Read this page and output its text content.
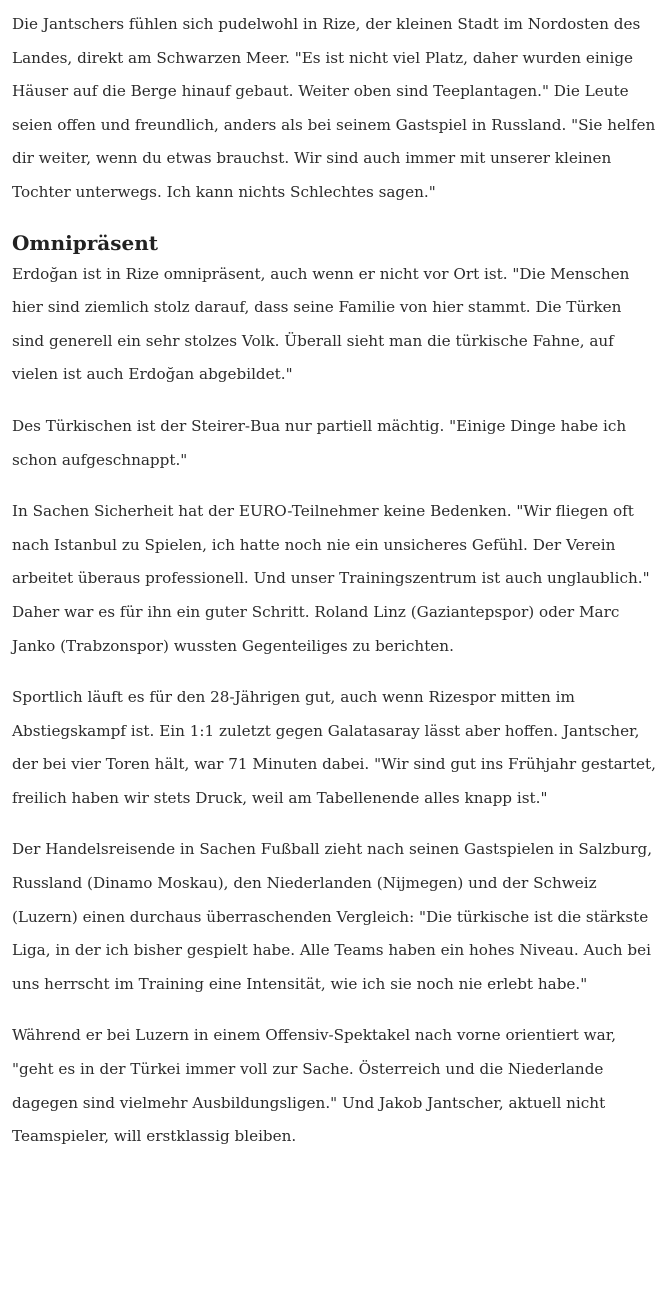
Die Jantschers fühlen sich pudelwohl in Rize, der kleinen Stadt im Nordosten des Landes, direkt am Schwarzen Meer. "Es ist nicht viel Platz, daher wurden einige Häuser auf die Berge hinauf gebaut. Weiter oben sind Teeplantagen." Die Leute seien offen und freundlich, anders als bei seinem Gastspiel in Russland. "Sie helfen dir weiter, wenn du etwas brauchst. Wir sind auch immer mit unserer kleinen Tochter unterwegs. Ich kann nichts Schlechtes sagen."

Omnipräsent

Erdoğan ist in Rize omnipräsent, auch wenn er nicht vor Ort ist. "Die Menschen hier sind ziemlich stolz darauf, dass seine Familie von hier stammt. Die Türken sind generell ein sehr stolzes Volk. Überall sieht man die türkische Fahne, auf vielen ist auch Erdoğan abgebildet."

Des Türkischen ist der Steirer-Bua nur partiell mächtig. "Einige Dinge habe ich schon aufgeschnappt."

In Sachen Sicherheit hat der EURO-Teilnehmer keine Bedenken. "Wir fliegen oft nach Istanbul zu Spielen, ich hatte noch nie ein unsicheres Gefühl. Der Verein arbeitet überaus professionell. Und unser Trainingszentrum ist auch unglaublich." Daher war es für ihn ein guter Schritt. Roland Linz (Gaziantepspor) oder Marc Janko (Trabzonspor) wussten Gegenteiliges zu berichten.

Sportlich läuft es für den 28-Jährigen gut, auch wenn Rizespor mitten im Abstiegskampf ist. Ein 1:1 zuletzt gegen Galatasaray lässt aber hoffen. Jantscher, der bei vier Toren hält, war 71 Minuten dabei. "Wir sind gut ins Frühjahr gestartet, freilich haben wir stets Druck, weil am Tabellenende alles knapp ist."

Der Handelsreisende in Sachen Fußball zieht nach seinen Gastspielen in Salzburg, Russland (Dinamo Moskau), den Niederlanden (Nijmegen) und der Schweiz (Luzern) einen durchaus überraschenden Vergleich: "Die türkische ist die stärkste Liga, in der ich bisher gespielt habe. Alle Teams haben ein hohes Niveau. Auch bei uns herrscht im Training eine Intensität, wie ich sie noch nie erlebt habe."

Während er bei Luzern in einem Offensiv-Spektakel nach vorne orientiert war, "geht es in der Türkei immer voll zur Sache. Österreich und die Niederlande dagegen sind vielmehr Ausbildungsligen." Und Jakob Jantscher, aktuell nicht Teamspieler, will erstklassig bleiben.
